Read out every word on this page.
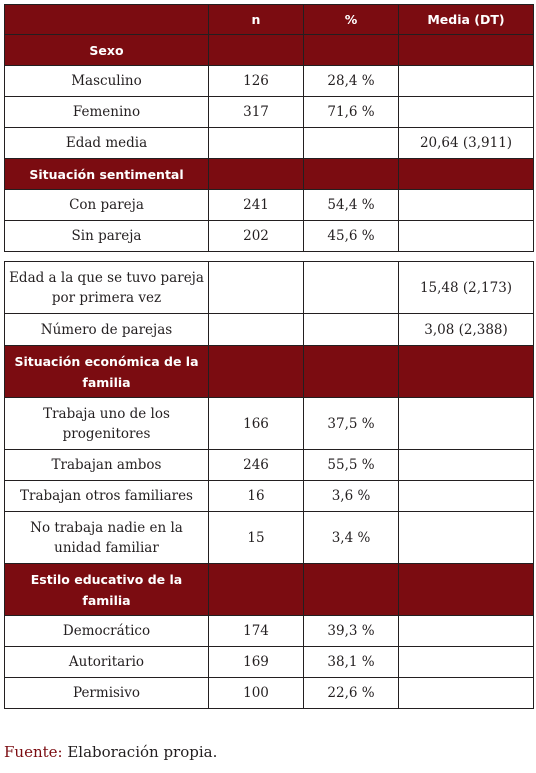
	n	%	Media (DT)
Sexo			
Masculino	126	28,4 %	
Femenino	317	71,6 %	
Edad media			20,64 (3,911)
Situación sentimental			
Con pareja	241	54,4 %	
Sin pareja	202	45,6 %	
Edad a la que se tuvo pareja por primera vez			15,48 (2,173)
Número de parejas			3,08 (2,388)
Situación económica de la familia			
Trabaja uno de los progenitores	166	37,5 %	
Trabajan ambos	246	55,5 %	
Trabajan otros familiares	16	3,6 %	
No trabaja nadie en la unidad familiar	15	3,4 %	
Estilo educativo de la familia			
Democrático	174	39,3 %	
Autoritario	169	38,1 %	
Permisivo	100	22,6 %	
Fuente: Elaboración propia.
